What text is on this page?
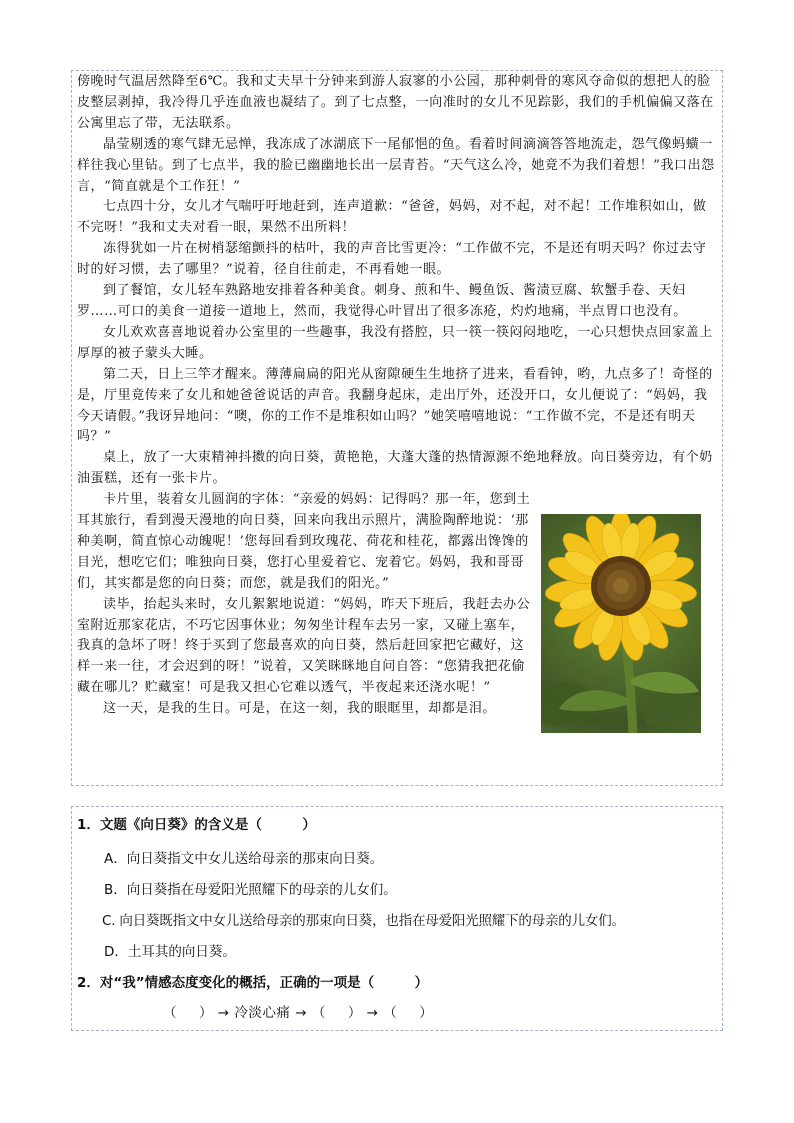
傍晚时气温居然降至6℃。我和丈夫早十分钟来到游人寂寥的小公园，那种刺骨的寒风夺命似的想把人的脸皮整层剥掉，我冷得几乎连血液也凝结了。到了七点整，一向准时的女儿不见踪影，我们的手机偏偏又落在公寓里忘了带，无法联系。

晶莹剔透的寒气肆无忌惮，我冻成了冰湖底下一尾郁悒的鱼。看着时间滴滴答答地流走，怨气像蚂蟥一样往我心里钻。到了七点半，我的脸已幽幽地长出一层青苔。“天气这么冷，她竟不为我们着想！”我口出怨言，“简直就是个工作狂！”

七点四十分，女儿才气喘吁吁地赶到，连声道歉：“爸爸，妈妈，对不起，对不起！工作堆积如山，做不完呀！”我和丈夫对看一眼，果然不出所料！

冻得犹如一片在树梢瑟缩颤抖的枯叶，我的声音比雪更冷：“工作做不完，不是还有明天吗？你过去守时的好习惯，去了哪里？”说着，径自往前走，不再看她一眼。

到了餐馆，女儿轻车熟路地安排着各种美食。刺身、煎和牛、鳗鱼饭、酱渍豆腐、软蟹手卷、天妇罗……可口的美食一道接一道地上，然而，我觉得心叶冒出了很多冻疮，灼灼地痛，半点胃口也没有。

女儿欢欢喜喜地说着办公室里的一些趣事，我没有搭腔，只一筷一筷闷闷地吃，一心只想快点回家盖上厚厚的被子蒙头大睡。

第二天，日上三竿才醒来。薄薄扁扁的阳光从窗隙硬生生地挤了进来，看看钟，哟，九点多了！奇怪的是，厅里竟传来了女儿和她爸爸说话的声音。我翻身起床，走出厅外，还没开口，女儿便说了：“妈妈，我今天请假。”我讶异地问：“噢，你的工作不是堆积如山吗？”她笑嘻嘻地说：“工作做不完，不是还有明天吗？”

桌上，放了一大束精神抖擞的向日葵，黄艳艳，大蓬大蓬的热情源源不绝地释放。向日葵旁边，有个奶油蛋糕，还有一张卡片。

卡片里，装着女儿圆润的字体：“亲爱的妈妈：记得吗？那一年，您到土耳其旅行，看到漫天漫地的向日葵，回来向我出示照片，满脸陶醉地说：‘那种美啊，简直惊心动魄呢！’您每回看到玫瑰花、荷花和桂花，都露出馋馋的目光，想吃它们；唯独向日葵，您打心里爱着它、宠着它。妈妈，我和哥哥们，其实都是您的向日葵；而您，就是我们的阳光。”

读毕，抬起头来时，女儿絮絮地说道：“妈妈，昨天下班后，我赶去办公室附近那家花店，不巧它因事休业；匆匆坐计程车去另一家，又碰上塞车，我真的急坏了呀！终于买到了您最喜欢的向日葵，然后赶回家把它藏好，这样一来一往，才会迟到的呀！”说着，又笑眯眯地自问自答：“您猜我把花偷藏在哪儿？贮藏室！可是我又担心它难以透气，半夜起来还浇水呢！”

这一天，是我的生日。可是，在这一刻，我的眼眶里，却都是泪。

1．文题《向日葵》的含义是（　　　）
A．向日葵指文中女儿送给母亲的那束向日葵。
B．向日葵指在母爱阳光照耀下的母亲的儿女们。
C. 向日葵既指文中女儿送给母亲的那束向日葵，也指在母爱阳光照耀下的母亲的儿女们。
D．土耳其的向日葵。
2．对“我”情感态度变化的概括，正确的一项是（　　　）
（ ） → 冷淡心痛 → （ ） → （ ）
